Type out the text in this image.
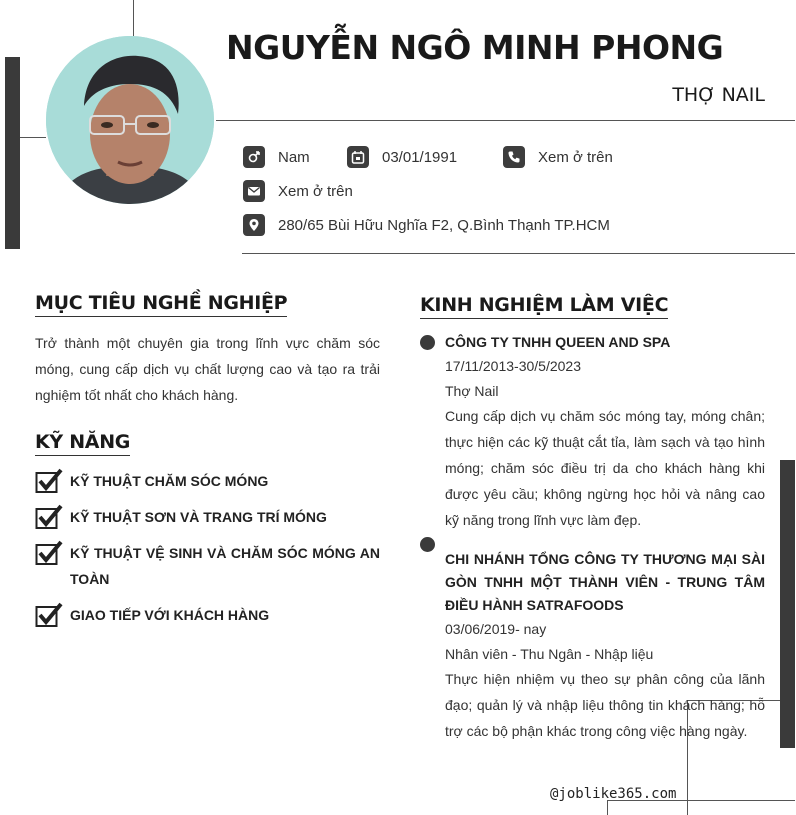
NGUYỄN NGÔ MINH PHONG
THỢ NAIL
Nam	03/01/1991	Xem ở trên
Xem ở trên
280/65 Bùi Hữu Nghĩa F2, Q.Bình Thạnh TP.HCM
MỤC TIÊU NGHỀ NGHIỆP
Trở thành một chuyên gia trong lĩnh vực chăm sóc móng, cung cấp dịch vụ chất lượng cao và tạo ra trải nghiệm tốt nhất cho khách hàng.
KỸ NĂNG
KỸ THUẬT CHĂM SÓC MÓNG
KỸ THUẬT SƠN VÀ TRANG TRÍ MÓNG
KỸ THUẬT VỆ SINH VÀ CHĂM SÓC MÓNG AN TOÀN
GIAO TIẾP VỚI KHÁCH HÀNG
KINH NGHIỆM LÀM VIỆC
CÔNG TY TNHH QUEEN AND SPA
17/11/2013-30/5/2023
Thợ Nail
Cung cấp dịch vụ chăm sóc móng tay, móng chân; thực hiện các kỹ thuật cắt tỉa, làm sạch và tạo hình móng; chăm sóc điều trị da cho khách hàng khi được yêu cầu; không ngừng học hỏi và nâng cao kỹ năng trong lĩnh vực làm đẹp.
CHI NHÁNH TỔNG CÔNG TY THƯƠNG MẠI SÀI GÒN TNHH MỘT THÀNH VIÊN - TRUNG TÂM ĐIỀU HÀNH SATRAFOODS
03/06/2019- nay
Nhân viên - Thu Ngân - Nhập liệu
Thực hiện nhiệm vụ theo sự phân công của lãnh đạo; quản lý và nhập liệu thông tin khách hàng; hỗ trợ các bộ phận khác trong công việc hàng ngày.
@joblike365.com
